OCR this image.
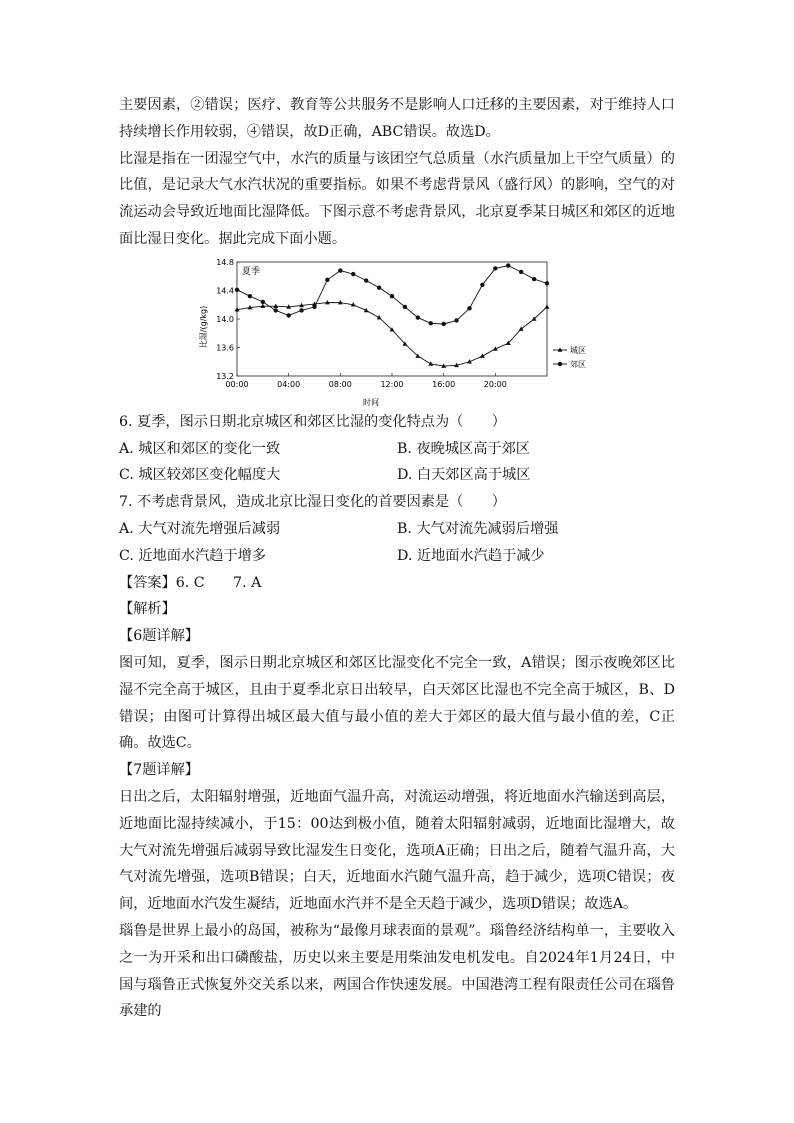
主要因素，②错误；医疗、教育等公共服务不是影响人口迁移的主要因素，对于维持人口持续增长作用较弱，④错误，故D正确，ABC错误。故选D。

比湿是指在一团湿空气中，水汽的质量与该团空气总质量（水汽质量加上干空气质量）的比值，是记录大气水汽状况的重要指标。如果不考虑背景风（盛行风）的影响，空气的对流运动会导致近地面比湿降低。下图示意不考虑背景风，北京夏季某日城区和郊区的近地面比湿日变化。据此完成下面小题。

13.2
13.6
14.0
14.4
14.8
00:00	04:00	08:00	12:00	16:00	20:00
城区
郊区
夏季
时间
比湿/(g/kg)

6. 夏季，图示日期北京城区和郊区比湿的变化特点为（　　）

A. 城区和郊区的变化一致	B. 夜晚城区高于郊区
C. 城区较郊区变化幅度大	D. 白天郊区高于城区

7. 不考虑背景风，造成北京比湿日变化的首要因素是（　　）

A. 大气对流先增强后减弱	B. 大气对流先减弱后增强
C. 近地面水汽趋于增多	D. 近地面水汽趋于减少
【答案】6. C　　7. A
【解析】
【6题详解】

图可知，夏季，图示日期北京城区和郊区比湿变化不完全一致，A错误；图示夜晚郊区比湿不完全高于城区，且由于夏季北京日出较早，白天郊区比湿也不完全高于城区，B、D错误；由图可计算得出城区最大值与最小值的差大于郊区的最大值与最小值的差，C正确。故选C。

【7题详解】

日出之后，太阳辐射增强，近地面气温升高，对流运动增强，将近地面水汽输送到高层，近地面比湿持续减小，于15：00达到极小值，随着太阳辐射减弱，近地面比湿增大，故大气对流先增强后减弱导致比湿发生日变化，选项A正确；日出之后，随着气温升高，大气对流先增强，选项B错误；白天，近地面水汽随气温升高，趋于减少，选项C错误；夜间，近地面水汽发生凝结，近地面水汽并不是全天趋于减少，选项D错误；故选A。

瑙鲁是世界上最小的岛国，被称为“最像月球表面的景观”。瑙鲁经济结构单一，主要收入之一为开采和出口磷酸盐，历史以来主要是用柴油发电机发电。自2024年1月24日，中国与瑙鲁正式恢复外交关系以来，两国合作快速发展。中国港湾工程有限责任公司在瑙鲁承建的
